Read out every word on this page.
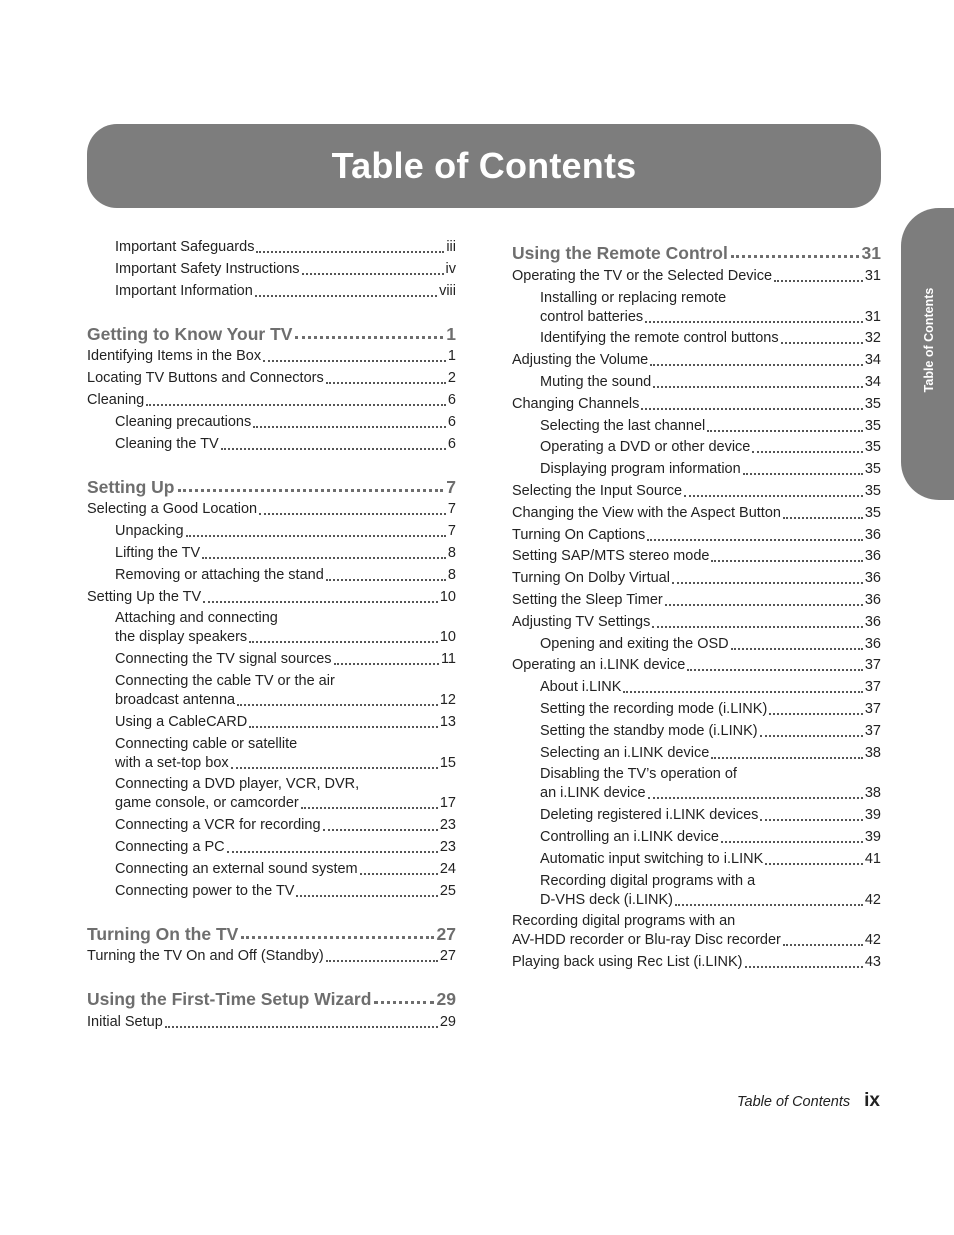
Table of Contents
Table of Contents
Important Safeguards	iii
Important Safety Instructions	iv
Important Information	viii
Getting to Know Your TV	1
Identifying Items in the Box	1
Locating TV Buttons and Connectors	2
Cleaning	6
Cleaning precautions	6
Cleaning the TV	6
Setting Up	7
Selecting a Good Location	7
Unpacking	7
Lifting the TV	8
Removing or attaching the stand	8
Setting Up the TV	10
Attaching and connecting
the display speakers	10
Connecting the TV signal sources	11
Connecting the cable TV or the air
broadcast antenna	12
Using a CableCARD	13
Connecting cable or satellite
with a set-top box	15
Connecting a DVD player, VCR, DVR,
game console, or camcorder	17
Connecting a VCR for recording	23
Connecting a PC	23
Connecting an external sound system	24
Connecting power to the TV	25
Turning On the TV	27
Turning the TV On and Off (Standby)	27
Using the First-Time Setup Wizard	29
Initial Setup	29
Using the Remote Control	31
Operating the TV or the Selected Device	31
Installing or replacing remote
control batteries	31
Identifying the remote control buttons	32
Adjusting the Volume	34
Muting the sound	34
Changing Channels	35
Selecting the last channel	35
Operating a DVD or other device	35
Displaying program information	35
Selecting the Input Source	35
Changing the View with the Aspect Button	35
Turning On Captions	36
Setting SAP/MTS stereo mode	36
Turning On Dolby Virtual	36
Setting the Sleep Timer	36
Adjusting TV Settings	36
Opening and exiting the OSD	36
Operating an i.LINK device	37
About i.LINK	37
Setting the recording mode (i.LINK)	37
Setting the standby mode (i.LINK)	37
Selecting an i.LINK device	38
Disabling the TV’s operation of
an i.LINK device	38
Deleting registered i.LINK devices	39
Controlling an i.LINK device	39
Automatic input switching to i.LINK	41
Recording digital programs with a
D-VHS deck (i.LINK)	42
Recording digital programs with an
AV-HDD recorder or Blu-ray Disc recorder	42
Playing back using Rec List (i.LINK)	43
Table of Contents ix
